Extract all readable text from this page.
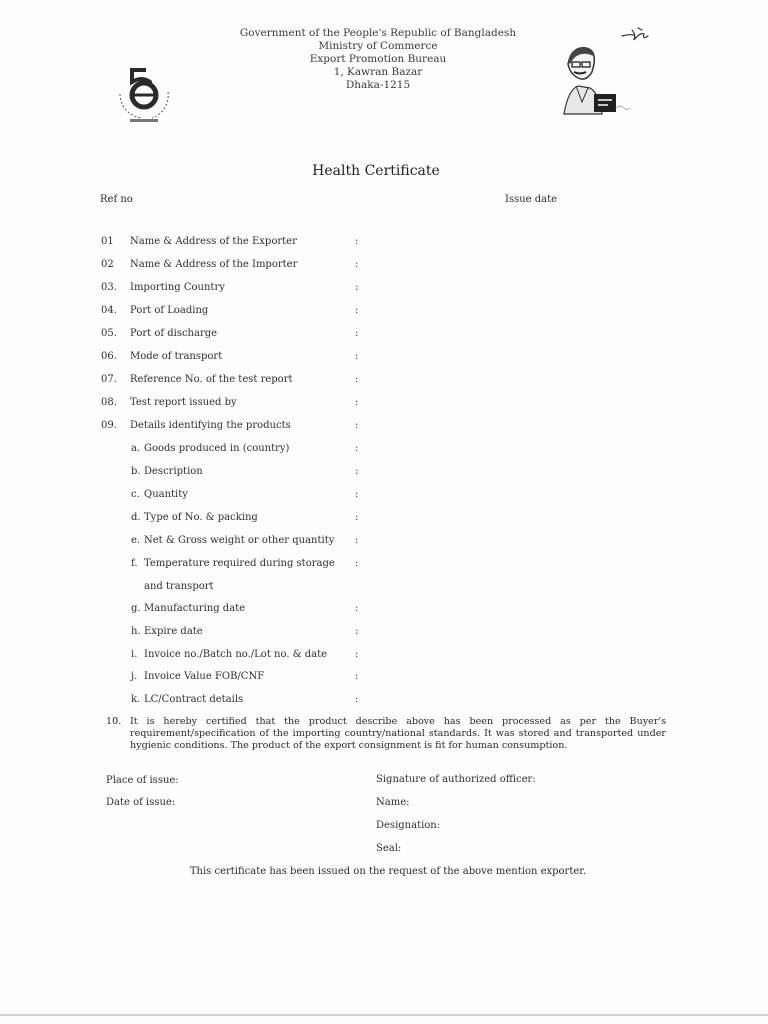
Government of the People's Republic of Bangladesh
Ministry of Commerce
Export Promotion Bureau
1, Kawran Bazar
Dhaka-1215
Health Certificate
Ref no	Issue date
01 Name & Address of the Exporter	:
02 Name & Address of the Importer	:
03. Importing Country	:
04. Port of Loading	:
05. Port of discharge	:
06. Mode of transport	:
07. Reference No. of the test report	:
08. Test report issued by	:
09. Details identifying the products	:
a. Goods produced in (country)	:
b. Description	:
c. Quantity	:
d. Type of No. & packing	:
e. Net & Gross weight or other quantity :
f. Temperature required during storage :
and transport
g. Manufacturing date	:
h. Expire date	:
i. Invoice no./Batch no./Lot no. & date	:
j. Invoice Value FOB/CNF	:
k. LC/Contract details	:
10. It is hereby certified that the product describe above has been processed as per the Buyer's requirement/specification of the importing country/national standards. It was stored and transported under hygienic conditions. The product of the export consignment is fit for human consumption.
Place of issue:
Date of issue:
Signature of authorized officer:
Name:
Designation:
Seal:
This certificate has been issued on the request of the above mention exporter.
